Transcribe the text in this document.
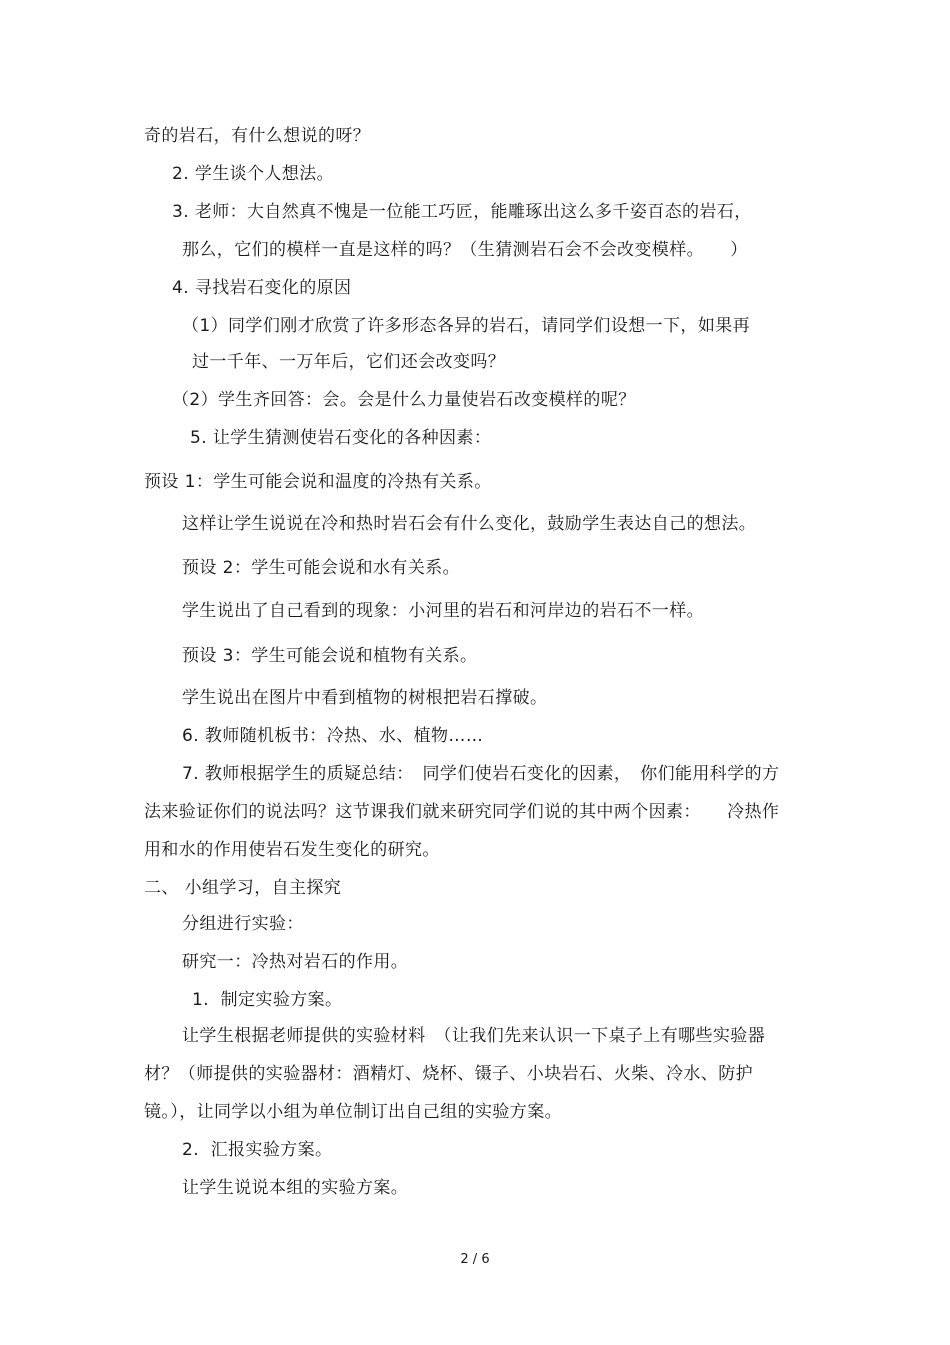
奇的岩石，有什么想说的呀？
2. 学生谈个人想法。
3. 老师：大自然真不愧是一位能工巧匠，能雕琢出这么多千姿百态的岩石，
那么，它们的模样一直是这样的吗？（生猜测岩石会不会改变模样。　　）
4. 寻找岩石变化的原因
（1）同学们刚才欣赏了许多形态各异的岩石，请同学们设想一下，如果再
过一千年、一万年后，它们还会改变吗？
（2）学生齐回答：会。会是什么力量使岩石改变模样的呢？
5. 让学生猜测使岩石变化的各种因素：
预设 1：学生可能会说和温度的冷热有关系。
这样让学生说说在冷和热时岩石会有什么变化，鼓励学生表达自己的想法。
预设 2：学生可能会说和水有关系。
学生说出了自己看到的现象：小河里的岩石和河岸边的岩石不一样。
预设 3：学生可能会说和植物有关系。
学生说出在图片中看到植物的树根把岩石撑破。
6. 教师随机板书：冷热、水、植物……
7. 教师根据学生的质疑总结：　同学们使岩石变化的因素，　你们能用科学的方
法来验证你们的说法吗？这节课我们就来研究同学们说的其中两个因素：　　冷热作
用和水的作用使岩石发生变化的研究。
二、 小组学习，自主探究
分组进行实验：
研究一：冷热对岩石的作用。
1.  制定实验方案。
让学生根据老师提供的实验材料　（让我们先来认识一下桌子上有哪些实验器
材？（师提供的实验器材：酒精灯、烧杯、镊子、小块岩石、火柴、冷水、防护
镜。），让同学以小组为单位制订出自己组的实验方案。
2.  汇报实验方案。
让学生说说本组的实验方案。
2 / 6
